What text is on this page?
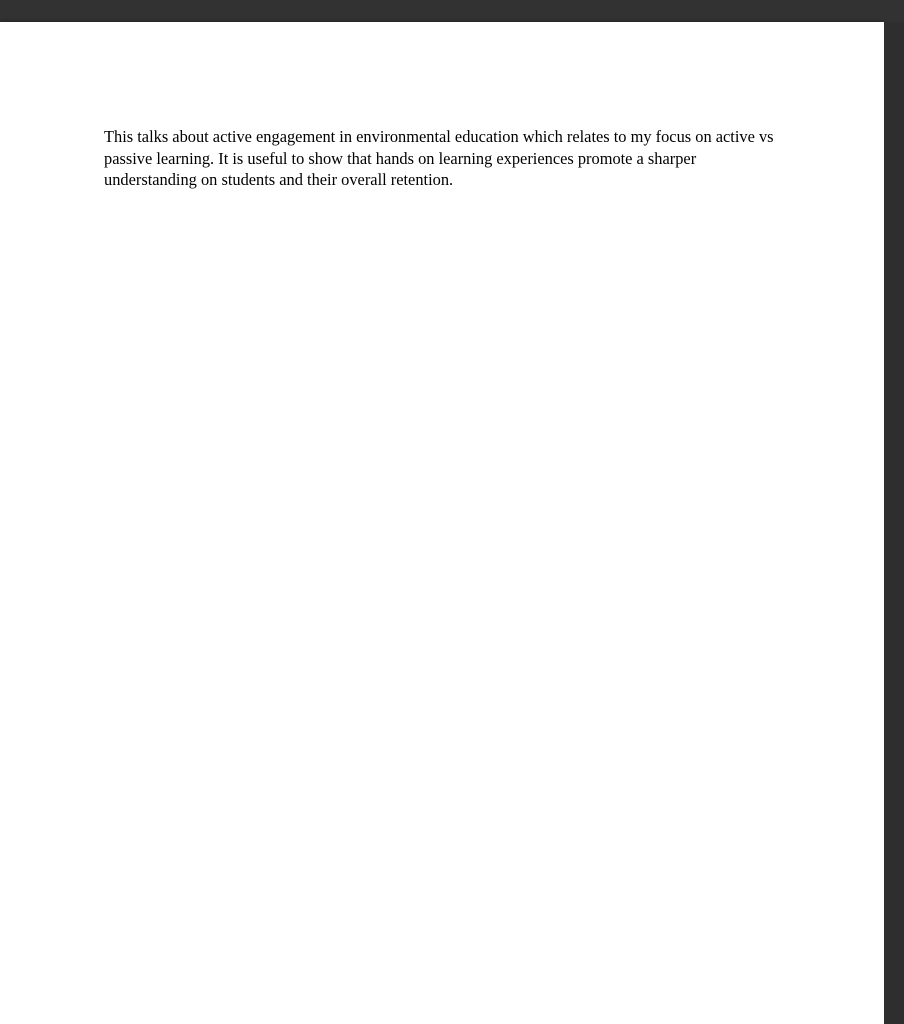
This talks about active engagement in environmental education which relates to my focus on active vs passive learning. It is useful to show that hands on learning experiences promote a sharper understanding on students and their overall retention.
